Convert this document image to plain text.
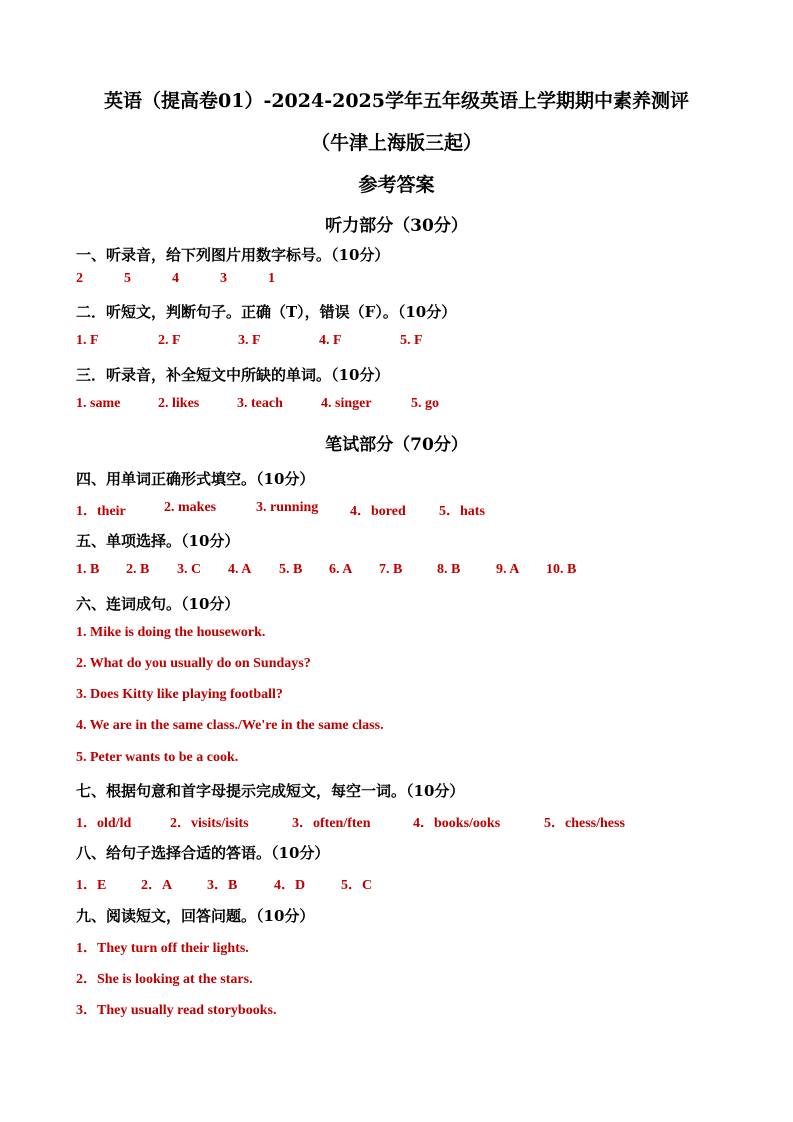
英语（提高卷01）-2024-2025学年五年级英语上学期期中素养测评
（牛津上海版三起）
参考答案
听力部分（30分）
一、听录音，给下列图片用数字标号。（10分）
2	5	4	3	1
二．听短文，判断句子。正确（T），错误（F）。（10分）
1. F	2. F	3. F	4. F	5. F
三．听录音，补全短文中所缺的单词。（10分）
1. same	2. likes	3. teach	4. singer	5. go
笔试部分（70分）
四、用单词正确形式填空。（10分）
1．their	2. makes	3. running 4．bored 5．hats
五、单项选择。（10分）
1. B 2. B 3. C 4. A 5. B 6. A 7. B 8. B	9. A 10. B
六、连词成句。（10分）
1. Mike is doing the housework.
2. What do you usually do on Sundays?
3. Does Kitty like playing football?
4. We are in the same class./We're in the same class.
5. Peter wants to be a cook.
七、根据句意和首字母提示完成短文，每空一词。（10分）
1．old/ld	2．visits/isits	3．often/ften	4．books/ooks	5．chess/hess
八、给句子选择合适的答语。（10分）
1．E 2．A 3．B	4．D	5．C
九、阅读短文，回答问题。（10分）
1．They turn off their lights.
2．She is looking at the stars.
3．They usually read storybooks.
